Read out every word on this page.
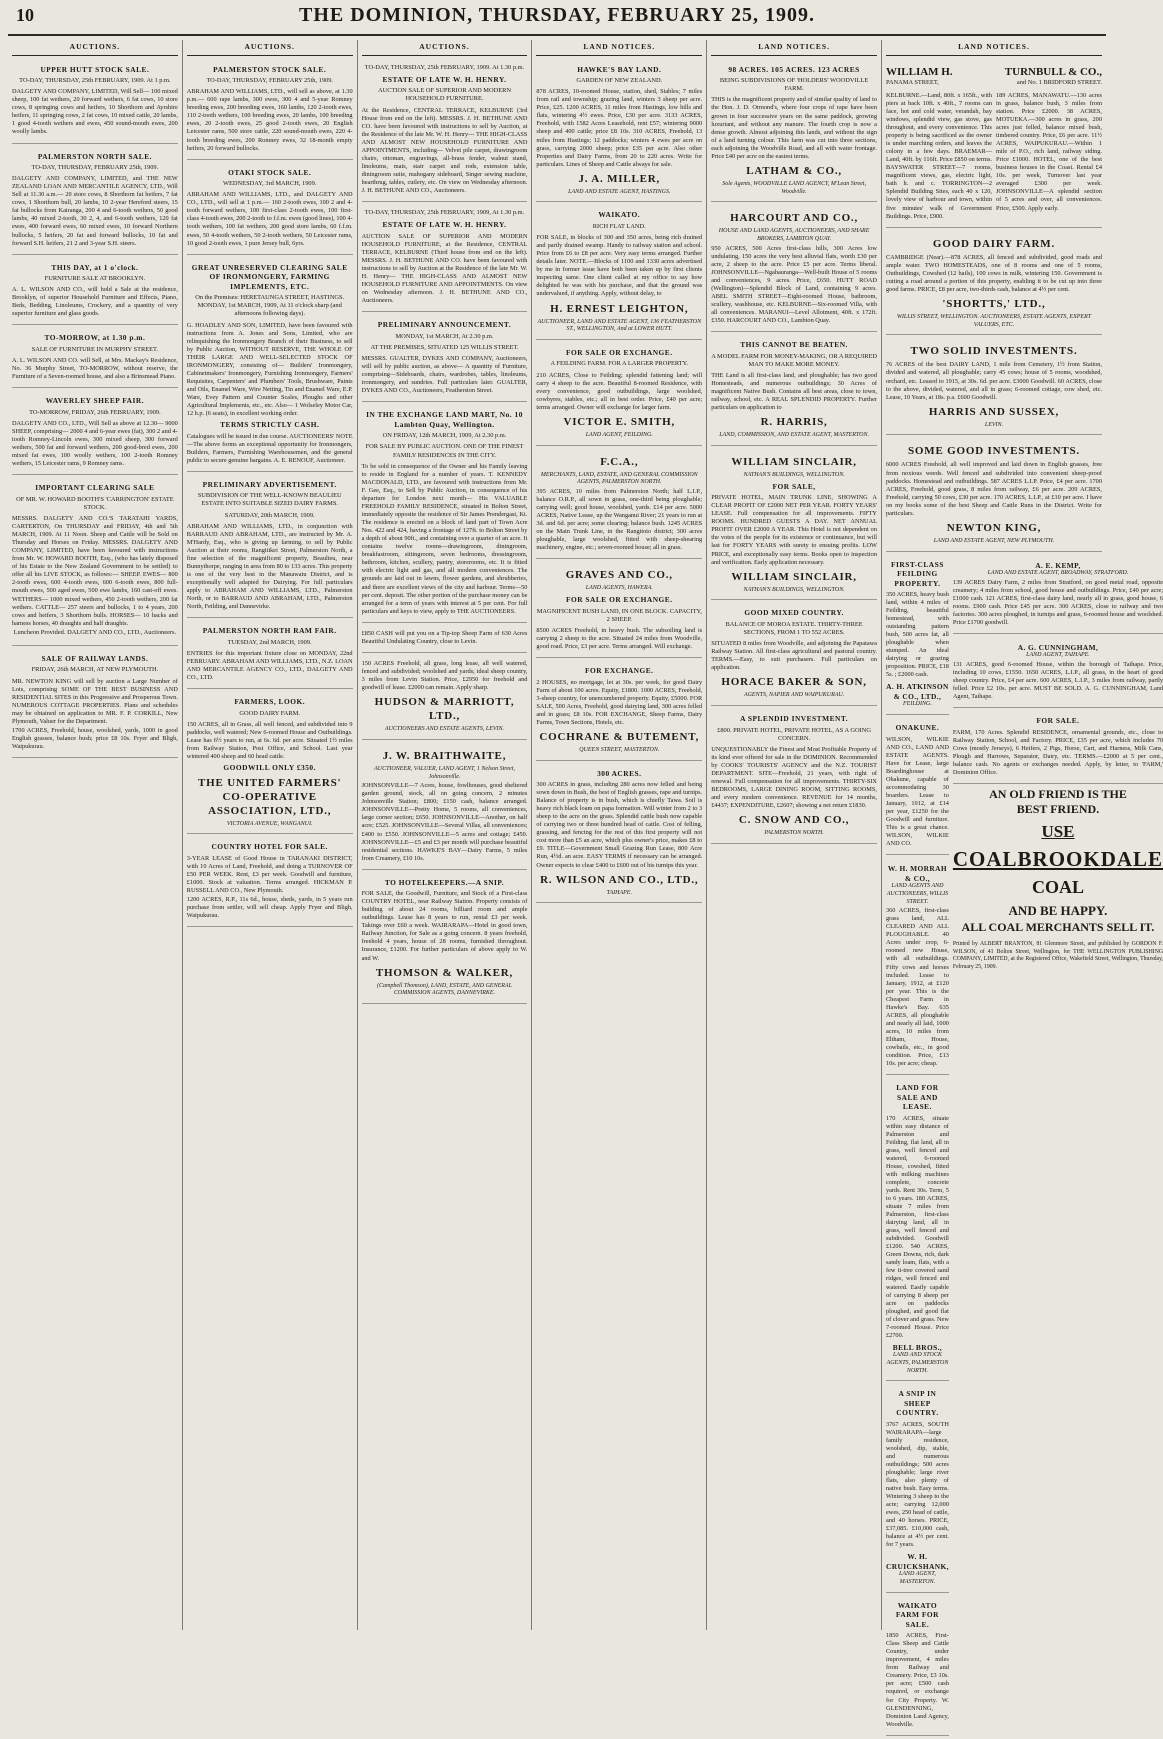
10	THE DOMINION, THURSDAY, FEBRUARY 25, 1909.
AUCTIONS.
UPPER HUTT STOCK SALE.
TO-DAY, THURSDAY, 25th FEBRUARY, 1909. At 1 p.m.
DALGETY AND COMPANY, LIMITED, Will Sell— 100 mixed sheep, 100 fat wethers, 20 forward wethers, 6 fat cows, 10 store cows, 8 springing cows and heifers, 10 Shorthorn and Ayrshire heifers, 11 springing cows, 2 fat cows, 10 mixed cattle, 20 lambs, 1 good 4-tooth wethers and ewes, 450 sound-mouth ewes, 200 woolly lambs.
PALMERSTON NORTH SALE.
TO-DAY, THURSDAY, FEBRUARY 25th, 1909.
DALGETY AND COMPANY, LIMITED, and THE NEW ZEALAND LOAN AND MERCANTILE AGENCY, LTD., Will Sell at 11.30 a.m.— 20 store cows, 8 Shorthorn fat heifers, 7 fat cows, 1 Shorthorn bull, 20 lambs, 10 2-year Hereford steers, 15 fat bullocks from Kairanga, 200 4 and 6-tooth wethers, 50 good lambs, 40 mixed 2-tooth, 30 2, 4, and 6-tooth wethers, 120 fat ewes, 400 forward ewes, 60 mixed ewes, 10 forward Northern bullocks, 5 heifers, 20 fat and forward bullocks, 10 fat and forward S.H. heifers, 21 2 and 3-year S.H. steers.
THIS DAY, at 1 o'clock.
FURNITURE SALE AT BROOKLYN.
A. L. WILSON AND CO., will hold a Sale at the residence, Brooklyn, of superior Household Furniture and Effects, Piano, Beds, Bedding, Linoleums, Crockery, and a quantity of very superior furniture and glass goods.
TO-MORROW, at 1.30 p.m.
SALE OF FURNITURE IN MURPHY STREET.
A. L. WILSON AND CO. will Sell, at Mrs. Mackay's Residence, No. 36 Murphy Street, TO-MORROW, without reserve, the Furniture of a Seven-roomed house, and also a Brinsmead Piano.
WAVERLEY SHEEP FAIR.
TO-MORROW, FRIDAY, 26th FEBRUARY, 1909.
DALGETY AND CO., LTD., Will Sell as above at 12.30— 9000 SHEEP, comprising— 2000 4 and 6-year ewes (fat), 300 2 and 4-tooth Romney-Lincoln ewes, 300 mixed sheep, 300 forward wethers, 500 fat and forward wethers, 200 good-bred ewes, 200 mixed fat ewes, 100 woolly wethers, 100 2-tooth Romney wethers, 15 Leicester rams, 9 Romney rams.
IMPORTANT CLEARING SALE
OF MR. W. HOWARD BOOTH'S 'CARRINGTON' ESTATE STOCK.
MESSRS. DALGETY AND CO.'S TARATAHI YARDS, CARTERTON, On THURSDAY and FRIDAY, 4th and 5th MARCH, 1909. At 11 Noon. Sheep and Cattle will be Sold on Thursday and Horses on Friday. MESSRS. DALGETY AND COMPANY, LIMITED, have been favoured with instructions from Mr. W. HOWARD BOOTH, Esq., (who has lately disposed of his Estate to the New Zealand Government to be settled) to offer all his LIVE STOCK, as follows:— SHEEP. EWES— 800 2-tooth ewes, 600 4-tooth ewes, 600 6-tooth ewes, 800 full-mouth ewes, 500 aged ewes, 500 ewe lambs, 160 cast-off ewes. WETHERS— 1000 mixed wethers, 450 2-tooth wethers, 200 fat wethers. CATTLE— 257 steers and bullocks, 1 to 4 years, 200 cows and heifers, 3 Shorthorn bulls. HORSES— 10 hacks and harness horses, 40 draughts and half draughts.
Luncheon Provided. DALGETY AND CO., LTD., Auctioneers.
SALE OF RAILWAY LANDS.
FRIDAY, 26th MARCH, AT NEW PLYMOUTH.
MR. NEWTON KING will sell by auction a Large Number of Lots, comprising SOME OF THE BEST BUSINESS AND RESIDENTIAL SITES in this Progressive and Prosperous Town. NUMEROUS COTTAGE PROPERTIES. Plans and schedules may be obtained on application to MR. F. P. CORKILL, New Plymouth, Valuer for the Department.
1700 ACRES, Freehold, house, woolshed, yards, 1000 in good English grasses, balance bush; price £8 10s. Fryer and Bligh, Waipukurau.
AUCTIONS.
PALMERSTON STOCK SALE.
TO-DAY, THURSDAY, FEBRUARY 25th, 1909.
ABRAHAM AND WILLIAMS, LTD., will sell as above, at 1.30 p.m.— 600 rape lambs, 300 ewes, 300 4 and 5-year Romney breeding ewes, 200 breeding ewes, 160 lambs, 120 2-tooth ewes, 110 2-tooth wethers, 100 breeding ewes, 20 lambs, 100 breeding ewes, 20 2-tooth ewes, 25 good 2-tooth ewes, 20 English Leicester rams, 500 store cattle, 220 sound-mouth ewes, 220 4-tooth breeding ewes, 200 Romney ewes, 32 18-month empty heifers, 20 forward bullocks.
OTAKI STOCK SALE.
WEDNESDAY, 3rd MARCH, 1909.
ABRAHAM AND WILLIAMS, LTD., and DALGETY AND CO., LTD., will sell at 1 p.m.— 160 2-tooth ewes, 100 2 and 4-tooth forward wethers, 100 first-class 2-tooth ewes, 100 first-class 4-tooth ewes, 200 2-tooth to f.f.m. ewes (good lines), 100 4-tooth wethers, 100 fat wethers, 200 good store lambs, 60 f.f.m. ewes, 50 4-tooth wethers, 50 2-tooth wethers, 50 Leicester rams, 10 good 2-tooth ewes, 1 pure Jersey bull, 6yrs.
GREAT UNRESERVED CLEARING SALE OF IRONMONGERY, FARMING IMPLEMENTS, ETC.
On the Premises: HERETAUNGA STREET, HASTINGS. MONDAY, 1st MARCH, 1909, At 11 o'clock sharp (and afternoons following days).
G. HOADLEY AND SON, LIMITED, have been favoured with instructions from A. Jones and Sons, Limited, who are relinquishing the Ironmongery Branch of their Business, to sell by Public Auction, WITHOUT RESERVE, THE WHOLE OF THEIR LARGE AND WELL-SELECTED STOCK OF IRONMONGERY, consisting of— Builders' Ironmongery, Cabinetmakers' Ironmongery, Furnishing Ironmongery, Farmers' Requisites, Carpenters' and Plumbers' Tools, Brushware, Paints and Oils, Enamel Ware, Wire Netting, Tin and Enamel Ware, E.P. Ware, Evey Pattern and Counter Scales, Ploughs and other Agricultural Implements, etc., etc. Also— 1 Wolseley Motor Car, 12 h.p. (6 seats), in excellent working order.
TERMS STRICTLY CASH.
Catalogues will be issued in due course. AUCTIONEERS' NOTE—The above forms an exceptional opportunity for Ironmongers, Builders, Farmers, Furnishing Warehousemen, and the general public to secure genuine bargains. A. E. RENOUF, Auctioneer.
PRELIMINARY ADVERTISEMENT.
SUBDIVISION OF THE WELL-KNOWN BEAULIEU ESTATE INTO SUITABLE SIZED DAIRY FARMS.
SATURDAY, 20th MARCH, 1909.
ABRAHAM AND WILLIAMS, LTD., in conjunction with BARRAUD AND ABRAHAM, LTD., are instructed by Mr. A. M'Hardy, Esq., who is giving up farming, to sell by Public Auction at their rooms, Rangitikei Street, Palmerston North, a fine selection of the magnificent property, Beaulieu, near Bunnythorpe, ranging in area from 80 to 133 acres. This property is one of the very best in the Manawatu District, and is exceptionally well adapted for Dairying. For full particulars apply to ABRAHAM AND WILLIAMS, LTD., Palmerston North, or to BARRAUD AND ABRAHAM, LTD., Palmerston North, Feilding, and Dannevirke.
PALMERSTON NORTH RAM FAIR.
TUESDAY, 2nd MARCH, 1909.
ENTRIES for this important fixture close on MONDAY, 22nd FEBRUARY. ABRAHAM AND WILLIAMS, LTD., N.Z. LOAN AND MERCANTILE AGENCY CO., LTD., DALGETY AND CO., LTD.
FARMERS, LOOK.
GOOD DAIRY FARM.
150 ACRES, all in Grass, all well fenced, and subdivided into 9 paddocks, well watered; New 6-roomed House and Outbuildings. Lease has 6½ years to run, at 6s. 6d. per acre. Situated 1½ miles from Railway Station, Post Office, and School. Last year wintered 400 sheep and 60 head cattle.
GOODWILL ONLY £350.
THE UNITED FARMERS' CO-OPERATIVE ASSOCIATION, LTD.,
VICTORIA AVENUE, WANGANUI.
COUNTRY HOTEL FOR SALE.
3-YEAR LEASE of Good House in TARANAKI DISTRICT, with 10 Acres of Land, Freehold, and doing a TURNOVER OF £50 PER WEEK. Rent, £3 per week. Goodwill and furniture, £1000. Stock at valuation. Terms arranged. HICKMAN P. RUSSELL AND CO., New Plymouth.
1200 ACRES, R.P., 11s 6d., house, sheds, yards, in 5 years run purchase from settler, will sell cheap. Apply Fryer and Bligh, Waipukurau.
AUCTIONS.
TO-DAY, THURSDAY, 25th FEBRUARY, 1909. At 1.30 p.m.
ESTATE OF LATE W. H. HENRY.
AUCTION SALE OF SUPERIOR AND MODERN HOUSEHOLD FURNITURE.
At the Residence, CENTRAL TERRACE, KELBURNE (3rd House from end on the left). MESSRS. J. H. BETHUNE AND CO. have been favoured with instructions to sell by Auction, at the Residence of the late Mr. W. H. Henry— THE HIGH-CLASS AND ALMOST NEW HOUSEHOLD FURNITURE AND APPOINTMENTS, including— Velvet pile carpet, drawingroom chairs, ottoman, engravings, all-brass fender, walnut stand, linoleums, mats, stair carpet and rods, extension table, diningroom suite, mahogany sideboard, Singer sewing machine, hearthrug, tables, cutlery, etc. On view on Wednesday afternoon. J. H. BETHUNE AND CO., Auctioneers.
TO-DAY, THURSDAY, 25th FEBRUARY, 1909, At 1.30 p.m.
ESTATE OF LATE W. H. HENRY.
AUCTION SALE OF SUPERIOR AND MODERN HOUSEHOLD FURNITURE, at the Residence, CENTRAL TERRACE, KELBURNE (Third house from end on the left). MESSRS. J. H. BETHUNE AND CO. have been favoured with instructions to sell by Auction at the Residence of the late Mr. W. H. Henry— THE HIGH-CLASS AND ALMOST NEW HOUSEHOLD FURNITURE AND APPOINTMENTS. On view on Wednesday afternoon. J. H. BETHUNE AND CO., Auctioneers.
PRELIMINARY ANNOUNCEMENT.
MONDAY, 1st MARCH, At 2.30 p.m.
AT THE PREMISES, SITUATED 125 WILLIS STREET.
MESSRS. GUALTER, DYKES AND COMPANY, Auctioneers, will sell by public auction, as above— A quantity of Furniture, comprising—Sideboards, chairs, wardrobes, tables, linoleums, ironmongery, and sundries. Full particulars later. GUALTER, DYKES AND CO., Auctioneers, Featherston Street.
IN THE EXCHANGE LAND MART, No. 10 Lambton Quay, Wellington.
ON FRIDAY, 12th MARCH, 1909, At 2.30 p.m.
FOR SALE BY PUBLIC AUCTION. ONE OF THE FINEST FAMILY RESIDENCES IN THE CITY.
To be sold in consequence of the Owner and his Family leaving to reside in England for a number of years. T. KENNEDY MACDONALD, LTD., are favoured with instructions from Mr. F. Gee, Esq., to Sell by Public Auction, in consequence of his departure for London next month— His VALUABLE FREEHOLD FAMILY RESIDENCE, situated in Bolton Street, immediately opposite the residence of Sir James Prendergast, Kt. The residence is erected on a block of land part of Town Acre Nos. 422 and 424, having a frontage of 127ft. to Bolton Street by a depth of about 90ft., and containing over a quarter of an acre. It contains twelve rooms—drawingroom, diningroom, breakfastroom, sittingroom, seven bedrooms, dressingroom, bathroom, kitchen, scullery, pantry, storerooms, etc. It is fitted with electric light and gas, and all modern conveniences. The grounds are laid out in lawns, flower gardens, and shrubberies, and there are excellent views of the city and harbour. Terms—50 per cent. deposit. The other portion of the purchase money can be arranged for a term of years with interest at 5 per cent. For full particulars and keys to view, apply to THE AUCTIONEERS.
£850 CASH will put you on a Tip-top Sheep Farm of 630 Acres Beautiful Undulating Country, close to Levin.
150 ACRES Freehold, all grass, long lease, all well watered, fenced and subdivided; woolshed and yards; ideal sheep country, 3 miles from Levin Station. Price, £2950 for freehold and goodwill of lease. £2000 can remain. Apply sharp.
HUDSON & MARRIOTT, LTD.,
AUCTIONEERS AND ESTATE AGENTS, LEVIN.
J. W. BRAITHWAITE,
AUCTIONEER, VALUER, LAND AGENT, 1 Nelson Street, Johnsonville.
JOHNSONVILLE—7 Acres, house, fowlhouses, good sheltered garden ground, stock, all on going concern, 2 minutes Johnsonville Station; £800; £150 cash, balance arranged. JOHNSONVILLE—Pretty Home, 5 rooms, all conveniences, large corner section; £650. JOHNSONVILLE—Another, on half acre; £525. JOHNSONVILLE—Several Villas, all conveniences; £400 to £550. JOHNSONVILLE—5 acres and cottage; £450. JOHNSONVILLE—£5 and £3 per month will purchase beautiful residential sections. HAWKE'S BAY—Dairy Farms, 5 miles from Creamery, £10 10s.
TO HOTELKEEPERS.—A SNIP.
FOR SALE, the Goodwill, Furniture, and Stock of a First-class COUNTRY HOTEL, near Railway Station. Property consists of building of about 24 rooms, billiard room and ample outbuildings. Lease has 8 years to run, rental £3 per week. Takings over £60 a week. WAIRARAPA—Hotel in good town, Railway Junction, for Sale as a going concern. 8 years freehold, freehold 4 years, house of 28 rooms, furnished throughout. Insurance, £1200. For further particulars of above apply to W. and W.
THOMSON & WALKER,
(Campbell Thomson), LAND, ESTATE, AND GENERAL COMMISSION AGENTS, DANNEVIRKE.
LAND NOTICES.
HAWKE'S BAY LAND.
GARDEN OF NEW ZEALAND.
878 ACRES, 10-roomed House, station, shed, Stables; 7 miles from rail and township; grazing land, winters 3 sheep per acre. Price, £25. 1200 ACRES, 11 miles from Hastings, low hills and flats, wintering 4½ ewes. Price, £30 per acre. 3133 ACRES, Freehold, with 1582 Acres Leasehold, rent £57; wintering 9000 sheep and 400 cattle; price £8 10s. 310 ACRES, Freehold, 13 miles from Hastings; 12 paddocks; winters 4 ewes per acre on grass, carrying 2000 sheep; price £35 per acre. Also other Properties and Dairy Farms, from 20 to 220 acres. Write for particulars. Lines of Sheep and Cattle always for sale.
J. A. MILLER,
LAND AND ESTATE AGENT, HASTINGS.
WAIKATO.
RICH FLAT LAND.
FOR SALE, in blocks of 300 and 350 acres, being rich drained and partly drained swamp. Handy to railway station and school. Price from £6 to £8 per acre. Very easy terms arranged. Further details later. NOTE.—Blocks of 1100 and 1330 acres advertised by me in former issue have both been taken up by first clients inspecting same. One client called at my office to say how delighted he was with his purchase, and that the ground was undervalued, if anything. Apply, without delay, to
H. ERNEST LEIGHTON,
AUCTIONEER, LAND AND ESTATE AGENT, 136 FEATHERSTON ST., WELLINGTON, And at LOWER HUTT.
FOR SALE OR EXCHANGE.
A FEILDING FARM. FOR A LARGER PROPERTY.
210 ACRES, Close to Feilding; splendid fattening land; will carry 4 sheep to the acre. Beautiful 8-roomed Residence, with every convenience, good outbuildings, large woolshed, cowbyres, stables, etc.; all in best order. Price, £40 per acre; terms arranged. Owner will exchange for larger farm.
VICTOR E. SMITH,
LAND AGENT, FEILDING.
F.C.A.,
MERCHANTS, LAND, ESTATE, AND GENERAL COMMISSION AGENTS, PALMERSTON NORTH.
395 ACRES, 10 miles from Palmerston North; half L.I.P., balance O.R.P., all sown in grass, one-third being ploughable; carrying well; good house, woolshed, yards. £14 per acre. 5000 ACRES, Native Lease, up the Wanganui River; 21 years to run at 3d. and 6d. per acre; some clearing; balance bush. 1245 ACRES on the Main Trunk Line, in the Rangitoto district; 300 acres ploughable, large woolshed, fitted with sheep-shearing machinery, engine, etc.; seven-roomed house; all in grass.
GRAVES AND CO.,
LAND AGENTS, HAWERA.
FOR SALE OR EXCHANGE.
MAGNIFICENT BUSH LAND, IN ONE BLOCK. CAPACITY, 2 SHEEP.
8500 ACRES Freehold, in heavy bush. The subsoiling land is carrying 2 sheep to the acre. Situated 24 miles from Woodville, good road. Price, £3 per acre. Terms arranged. Will exchange.
FOR EXCHANGE.
2 HOUSES, no mortgage, let at 30s. per week, for good Dairy Farm of about 100 acres. Equity, £1800. 1000 ACRES, Freehold, 3-sheep country, for unencumbered property. Equity, £5000. FOR SALE, 500 Acres, Freehold, good dairying land, 300 acres felled and in grass; £8 10s. FOR EXCHANGE, Sheep Farms, Dairy Farms, Town Sections, Hotels, etc.
COCHRANE & BUTEMENT,
QUEEN STREET, MASTERTON.
300 ACRES.
300 ACRES in grass, including 280 acres now felled and being sown down in Bush, the best of English grasses, rape and turnips. Balance of property is in bush, which is chiefly Tawa. Soil is heavy rich black loam on papa formation. Will winter from 2 to 3 sheep to the acre on the grass. Splendid cattle bush now capable of carrying two or three hundred head of cattle. Cost of felling, grassing, and fencing for the rest of this first property will not cost more than £5 an acre, which plus owner's price, makes £8 to £9. TITLE—Government Small Grazing Run Lease, 800 Acre Run, 4½d. an acre. EASY TERMS if necessary can be arranged. Owner expects to clear £400 to £600 out of his turnips this year.
R. WILSON AND CO., LTD.,
TAIHAPE.
LAND NOTICES.
98 ACRES. 105 ACRES. 123 ACRES
BEING SUBDIVISIONS OF 'HOLDERS' WOODVILLE FARM.
THIS is the magnificent property and of similar quality of land to the Hon. J. D. Ormond's, where four crops of rape have been grown in four successive years on the same paddock, growing luxuriant, and without any manure. The fourth crop is now a dense growth. Almost adjoining this lands, and without the sign of a land turning colour. This farm was cut into three sections, each adjoining the Woodville Road, and all with water frontage. Price £40 per acre on the easiest terms.
LATHAM & CO.,
Sole Agents, WOODVILLE LAND AGENCY, M'Lean Street, Woodville.
HARCOURT AND CO.,
HOUSE AND LAND AGENTS, AUCTIONEERS, AND SHARE BROKERS, LAMBTON QUAY.
950 ACRES, 500 Acres first-class hills, 300 Acres low undulating, 150 acres the very best alluvial flats, worth £30 per acre, 2 sheep to the acre. Price £5 per acre. Terms liberal. JOHNSONVILLE—Ngahauranga—Well-built House of 5 rooms and conveniences, 9 acres. Price, £650. HUTT ROAD (Wellington)—Splendid Block of Land, containing 9 acres. ABEL SMITH STREET—Eight-roomed House, bathroom, scullery, washhouse, etc. KELBURNE—Six-roomed Villa, with all conveniences. MARANUI—Level Allotment, 40ft. x 172ft. £350. HARCOURT AND CO., Lambton Quay.
THIS CANNOT BE BEATEN.
A MODEL FARM FOR MONEY-MAKING, OR A REQUIRED MAN TO MAKE MORE MONEY.
THE Land is all first-class land, and ploughable; has two good Homesteads, and numerous outbuildings; 30 Acres of magnificent Native Bush. Contains all best areas, close to town, railway, school, etc. A REAL SPLENDID PROPERTY. Further particulars on application to
R. HARRIS,
LAND, COMMISSION, AND ESTATE AGENT, MASTERTON.
WILLIAM SINCLAIR,
NATHAN'S BUILDINGS, WELLINGTON.
FOR SALE,
PRIVATE HOTEL, MAIN TRUNK LINE, SHOWING A CLEAR PROFIT OF £2000 NET PER YEAR. FORTY YEARS' LEASE. Full compensation for all improvements. FIFTY ROOMS. HUNDRED GUESTS A DAY. NET ANNUAL PROFIT OVER £2000 A YEAR. This Hotel is not dependent on the votes of the people for its existence or continuance, but will last for FORTY YEARS with surety to ensuing profits. LOW PRICE, and exceptionally easy terms. Books open to inspection and verification. Early application necessary.
WILLIAM SINCLAIR,
NATHAN'S BUILDINGS, WELLINGTON.
GOOD MIXED COUNTRY.
BALANCE OF MOROA ESTATE. THIRTY-THREE SECTIONS, FROM 1 TO 552 ACRES.
SITUATED 8 miles from Woodville, and adjoining the Papatawa Railway Station. All first-class agricultural and pastoral country. TERMS.—Easy, to suit purchasers. Full particulars on application.
HORACE BAKER & SON,
AGENTS, NAPIER AND WAIPUKURAU.
A SPLENDID INVESTMENT.
£800. PRIVATE HOTEL, PRIVATE HOTEL, AS A GOING CONCERN.
UNQUESTIONABLY the Finest and Most Profitable Property of its kind ever offered for sale in the DOMINION. Recommended by COOKS' TOURISTS' AGENCY and the N.Z. TOURIST DEPARTMENT. SITE—Freehold, 21 years, with right of renewal. Full compensation for all improvements. THIRTY-SIX BEDROOMS, LARGE DINING ROOM, SITTING ROOMS, and every modern convenience. REVENUE for 14 months, £4437; EXPENDITURE, £2607; showing a net return £1830.
C. SNOW AND CO.,
PALMERSTON NORTH.
LAND NOTICES.
WILLIAM H.	TURNBULL & CO.,
PANAMA STREET,	and No. 1 BRIDFORD STREET.
KELBURNE.—Land, 80ft. x 165ft., with piers at back 10ft. x 40ft., 7 rooms can face, hot and cold water, verandah, bay windows, splendid view, gas stove, gas throughout, and every convenience. This property is being sacrificed as the owner is under marching orders, and leaves the colony in a few days. BRAEMAR—Land, 40ft. by 116ft. Price £850 on terms. BAYSWATER STREET—7 rooms, magnificent views, gas, electric light, bath h. and c. TORRINGTON—2 Splendid Building Sites, each 40 x 120, lovely view of harbour and town, within five minutes' walk of Government Buildings. Price, £900.
189 ACRES, MANAWATU.—130 acres in grass, balance bush, 3 miles from station. Price £2000. 38 ACRES, MOTUEKA.—300 acres in grass, 200 acres just felled, balance mixed bush, timbered country. Price, £6 per acre. 11½ ACRES, WAIPUKURAU.—Within 1 mile of P.O., rich land, railway siding. Price £1000. HOTEL, one of the best business houses in the Coast. Rental £4 10s. per week, Turnover last year averaged £300 per week. JOHNSONVILLE—A splendid section of 5 acres and over, all conveniences. Price, £500. Apply early.
GOOD DAIRY FARM.
CAMBRIDGE (Near).—878 ACRES, all fenced and subdivided, good roads and ample water. TWO HOMESTEADS, one of 8 rooms and one of 5 rooms, Outbuildings, Cowshed (12 bails), 100 cows in milk, wintering 150. Government is cutting a road around a portion of this property, enabling it to be cut up into three good farms. PRICE, £8 per acre, two-thirds cash, balance at 4½ per cent.
'SHORTTS,' LTD.,
WILLIS STREET, WELLINGTON. AUCTIONEERS, ESTATE AGENTS, EXPERT VALUERS, ETC.
TWO SOLID INVESTMENTS.
76 ACRES of the best DAIRY LAND, 1 mile from Cemetery, 1½ from Station, divided and watered, all ploughable; carry 45 cows; house of 5 rooms, woodshed, orchard, etc. Leased to 1915, at 30s. 6d. per acre. £3000 Goodwill. 60 ACRES, close to the above, divided, watered, and all in grass; 6-roomed cottage, cow shed, etc. Lease, 10 Years, at 18s. p.a. £600 Goodwill.
HARRIS AND SUSSEX,
LEVIN.
SOME GOOD INVESTMENTS.
6000 ACRES Freehold, all well improved and laid down in English grasses, free from noxious weeds. Well fenced and subdivided into convenient sheep-proof paddocks. Homestead and outbuildings. 587 ACRES L.I.P. Price, £4 per acre. 1700 ACRES, Freehold, good grass, 8 miles from railway, £6 per acre. 209 ACRES, Freehold, carrying 50 cows, £30 per acre. 170 ACRES, L.I.P., at £10 per acre. I have on my books some of the best Sheep and Cattle Runs in the District. Write for particulars.
NEWTON KING,
LAND AND ESTATE AGENT, NEW PLYMOUTH.
FIRST-CLASS FEILDING PROPERTY.
350 ACRES, heavy bush land, within 4 miles of Feilding, beautiful homestead, with outstanding pattern bush, 500 acres fat, all ploughable when stumped. An ideal dairying or grazing proposition. PRICE, £18 5s. ; £2000 cash.
A. H. ATKINSON & CO., LTD.,
FEILDING.
ONAKUNE.
WILSON, WILKIE AND CO., LAND AND ESTATE AGENTS. Have for Lease, large Boardinghouse at Ohakune, capable of accommodating 30 boarders. Lease to January, 1912, at £14 per year, £1250 for the Goodwill and furniture. This is a great chance. WILSON, WILKIE AND CO.
W. H. MORRAH & CO.,
LAND AGENTS AND AUCTIONEERS, WILLIS STREET.
360 ACRES, first-class grass land, ALL CLEARED AND ALL PLOUGHABLE. 40 Acres under crop, 6-roomed new House, with all outbuildings. Fifty cows and horses included. Lease to January, 1912, at £120 per year. This is the Cheapest Farm in Hawke's Bay. 635 ACRES, all ploughable and nearly all laid, 1000 acres, 10 miles from Eltham, House, cowbails, etc., in good condition. Price, £13 10s. per acre; cheap.
LAND FOR SALE AND LEASE.
170 ACRES, situate within easy distance of Palmerston and Feilding, flat land, all in grass, well fenced and watered, 6-roomed House, cowshed, fitted with milking machines complete, concrete yards. Rent 30s. Term, 5 to 6 years. 180 ACRES, situate 7 miles from Palmerston, first-class dairying land, all in grass, well fenced and subdivided. Goodwill £1200. 540 ACRES, Green Downs, rich, dark sandy loam, flats, with a few ti-tree covered sand ridges, well fenced and watered. Easily capable of carrying 8 sheep per acre on paddocks ploughed, and good flat of clover and grass. New 7-roomed House. Price £2700.
BELL BROS.,
LAND AND STOCK AGENTS, PALMERSTON NORTH.
A SNIP IN SHEEP COUNTRY.
3767 ACRES, SOUTH WAIRARAPA—large family residence, woolshed, dip, stable, and numerous outbuildings; 500 acres ploughable; large river flats, also plenty of native bush. Easy terms. Wintering 3 sheep to the acre; carrying 12,000 ewes, 250 head of cattle, and 40 horses. PRICE, £37,085. £10,000 cash, balance at 4½ per cent. for 7 years.
W. H. CRUICKSHANK,
LAND AGENT, MASTERTON.
WAIKATO FARM FOR SALE.
1850 ACRES, First-Class Sheep and Cattle Country, under improvement, 4 miles from Railway and Creamery. Price, £3 10s. per acre; £500 cash required, or exchange for City Property. W. GLENDENNING, Dominion Land Agency, Woodville.
A. E. KEMP,
LAND AND ESTATE AGENT, BROADWAY, STRATFORD.
139 ACRES Dairy Farm, 2 miles from Stratford, on good metal road, opposite creamery; 4 miles from school, good house and outbuildings. Price, £40 per acre; £1000 cash. 121 ACRES, first-class dairy land, nearly all in grass, good house, 6 rooms. £900 cash. Price £45 per acre. 300 ACRES, close to railway and two factories. 300 acres ploughed, in turnips and grass, 6-roomed house and woolshed. Price £1700 goodwill.
A. G. CUNNINGHAM,
LAND AGENT, TAIHAPE.
131 ACRES, good 6-roomed House, within the borough of Taihape. Price, including 10 cows, £1550. 1650 ACRES, L.I.P., all grass, in the heart of good sheep country. Price, £4 per acre. 600 ACRES, L.I.P., 3 miles from railway, partly felled. Price £2 10s. per acre. MUST BE SOLD. A. G. CUNNINGHAM, Land Agent, Taihape.
FOR SALE.
FARM, 170 Acres. Splendid RESIDENCE, ornamental grounds, etc., close to Railway Station, School, and Factory. PRICE, £35 per acre, which includes 70 Cows (mostly Jerseys), 6 Heifers, 2 Pigs, Horse, Cart, and Harness, Milk Cans, Plough and Harrows, Separator, Dairy, etc. TERMS.—£2000 at 5 per cent., balance cash. No agents or exchanges needed. Apply, by letter, to 'FARM,' Dominion Office.
AN OLD FRIEND IS THE
BEST FRIEND.
USE
COALBROOKDALE
COAL
AND BE HAPPY.
ALL COAL MERCHANTS SELL IT.
Printed by ALBERT BRANTON, 81 Glenmore Street, and published by GORDON F. WILSON, of 41 Bolton Street, Wellington, for THE WELLINGTON PUBLISHING COMPANY, LIMITED, at the Registered Office, Wakefield Street, Wellington, Thursday, February 25, 1909.
